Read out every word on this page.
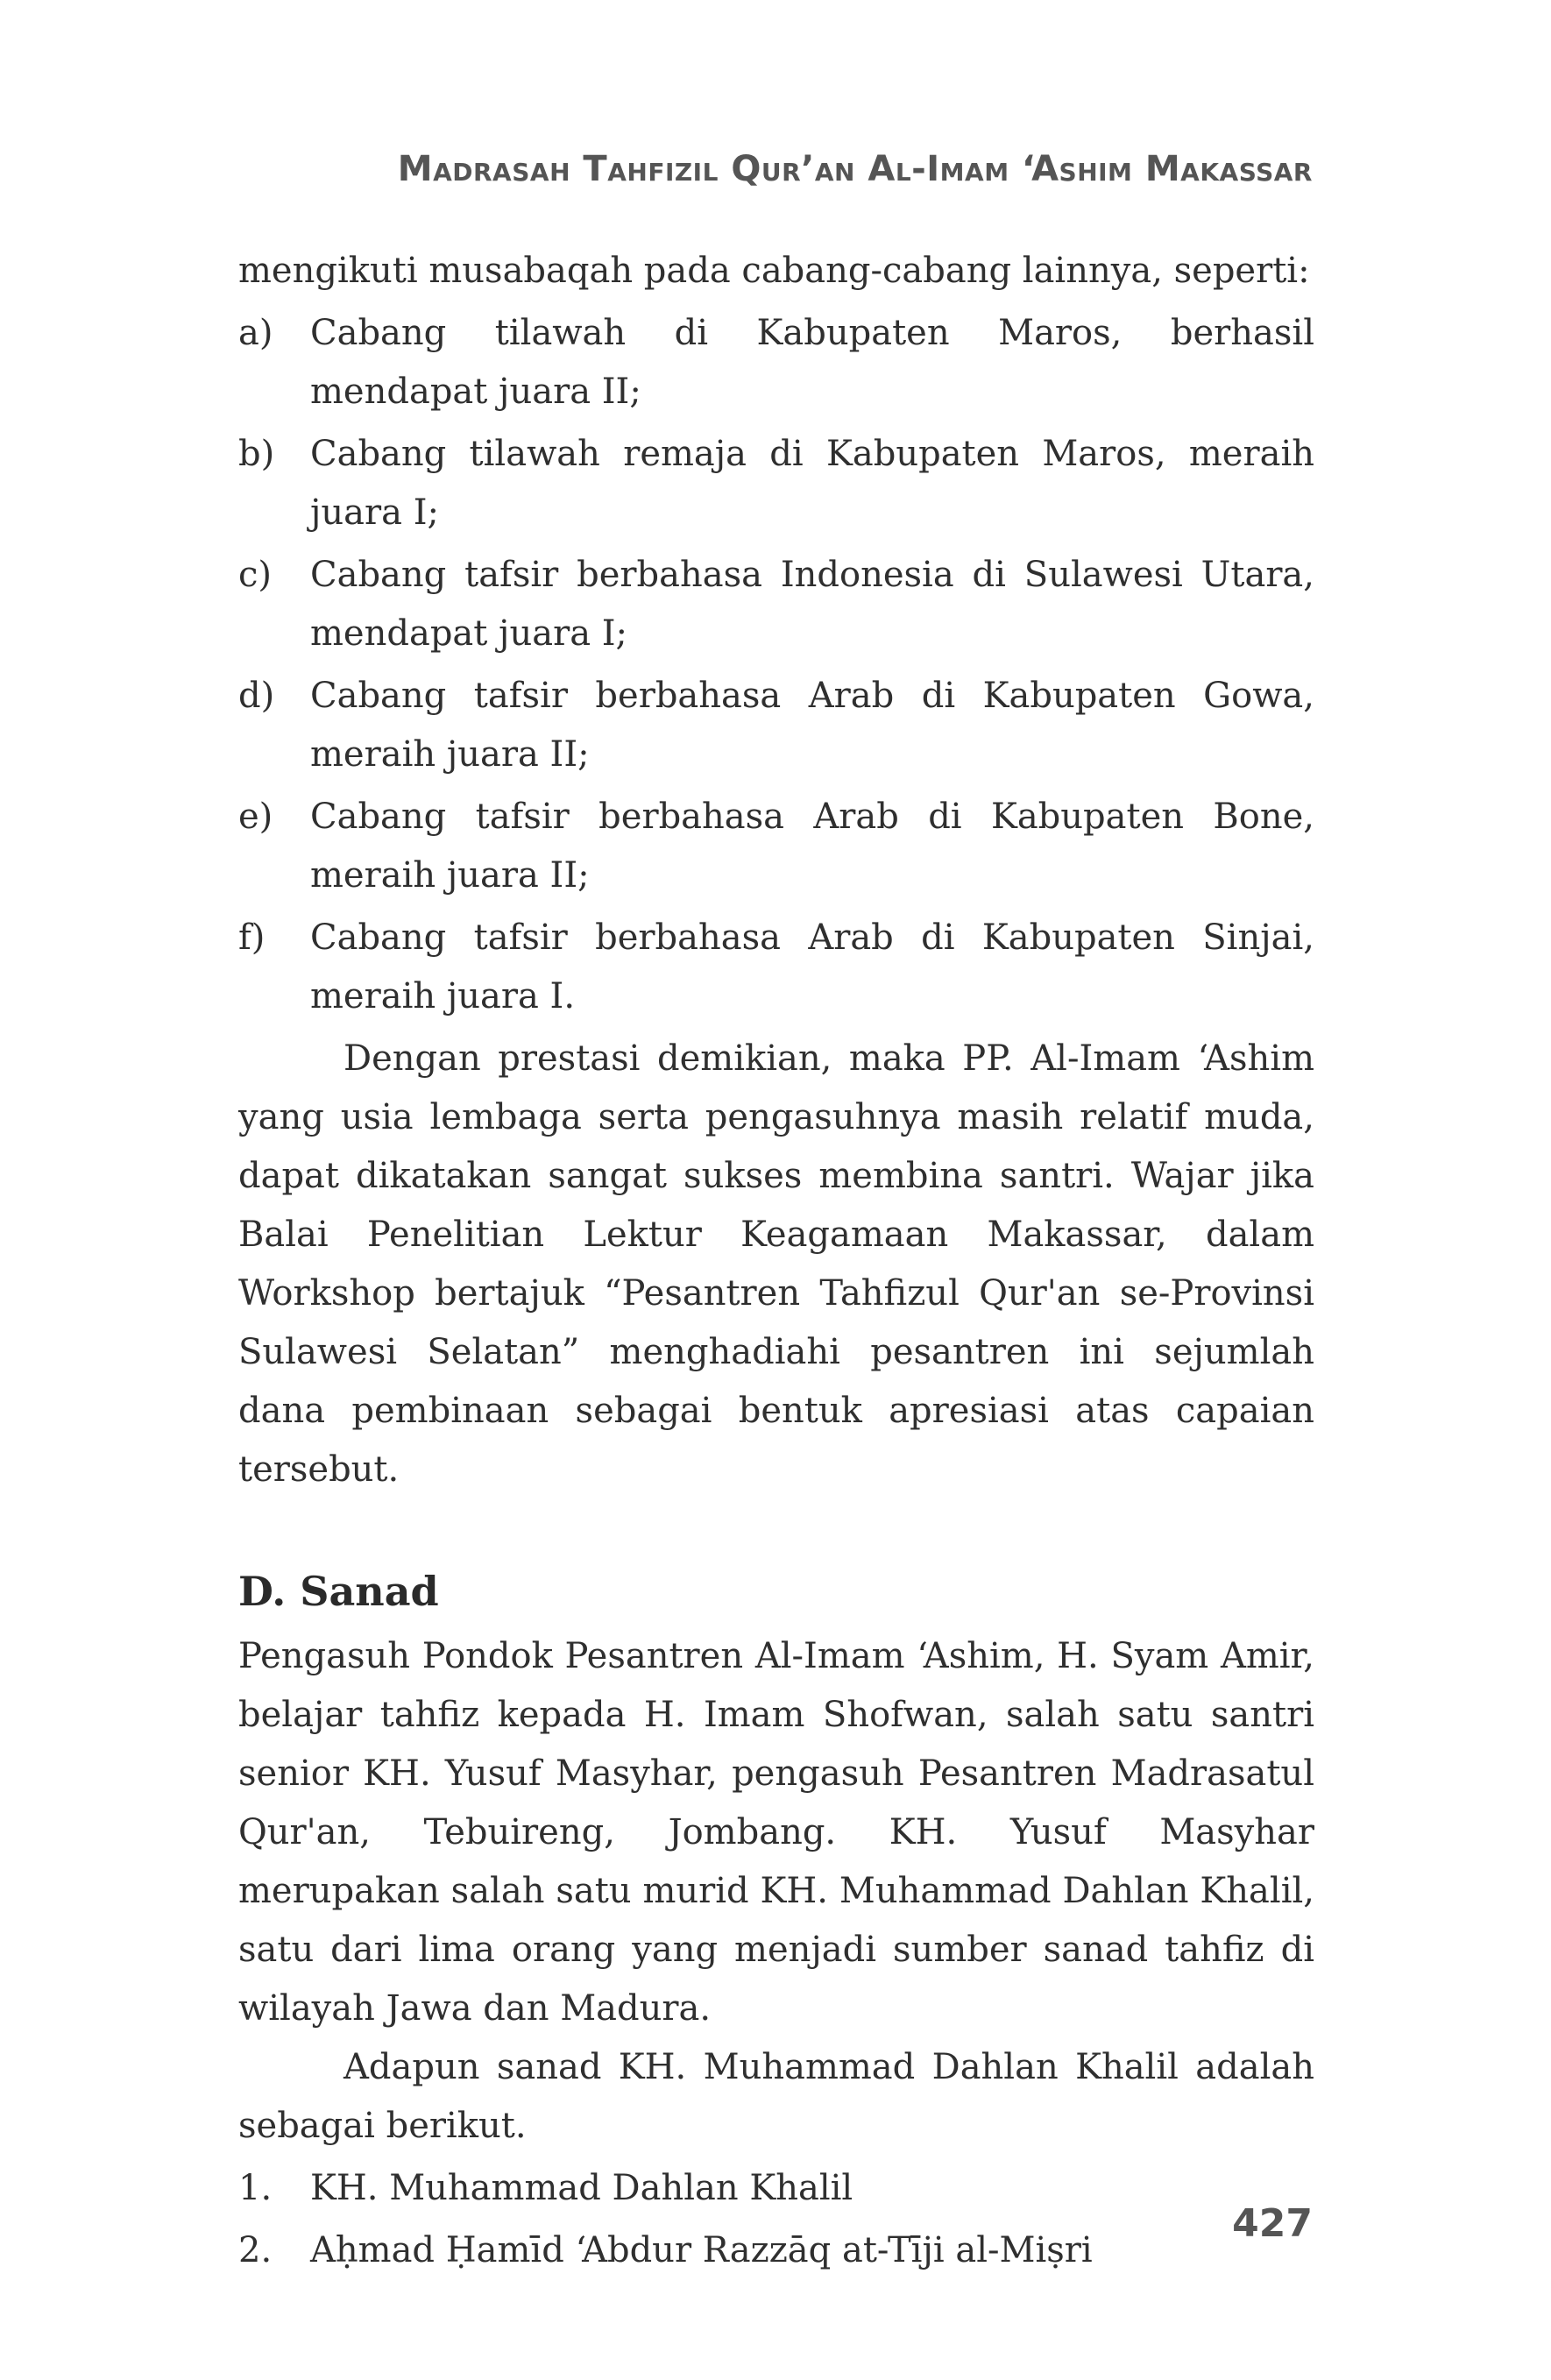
Madrasah Tahfizil Qur’an Al-Imam ‘Ashim Makassar

mengikuti musabaqah pada cabang-cabang lainnya, seperti:

a) Cabang tilawah di Kabupaten Maros, berhasil mendapat juara II;
b) Cabang tilawah remaja di Kabupaten Maros, meraih juara I;
c) Cabang tafsir berbahasa Indonesia di Sulawesi Utara, mendapat juara I;
d) Cabang tafsir berbahasa Arab di Kabupaten Gowa, meraih juara II;
e) Cabang tafsir berbahasa Arab di Kabupaten Bone, meraih juara II;
f) Cabang tafsir berbahasa Arab di Kabupaten Sinjai, meraih juara I.

Dengan prestasi demikian, maka PP. Al-Imam ‘Ashim yang usia lembaga serta pengasuhnya masih relatif muda, dapat dikatakan sangat sukses membina santri. Wajar jika Balai Penelitian Lektur Keagamaan Makassar, dalam Workshop bertajuk “Pesantren Tahfizul Qur'an se-Provinsi Sulawesi Selatan” menghadiahi pesantren ini sejumlah dana pembinaan sebagai bentuk apresiasi atas capaian tersebut.

D. Sanad

Pengasuh Pondok Pesantren Al-Imam ‘Ashim, H. Syam Amir, belajar tahfiz kepada H. Imam Shofwan, salah satu santri senior KH. Yusuf Masyhar, pengasuh Pesantren Madrasatul Qur'an, Tebuireng, Jombang. KH. Yusuf Masyhar merupakan salah satu murid KH. Muhammad Dahlan Khalil, satu dari lima orang yang menjadi sumber sanad tahfiz di wilayah Jawa dan Madura.

Adapun sanad KH. Muhammad Dahlan Khalil adalah sebagai berikut.

1. KH. Muhammad Dahlan Khalil
2. Aḥmad Ḥamīd ‘Abdur Razzāq at-Tīji al-Miṣri
427
